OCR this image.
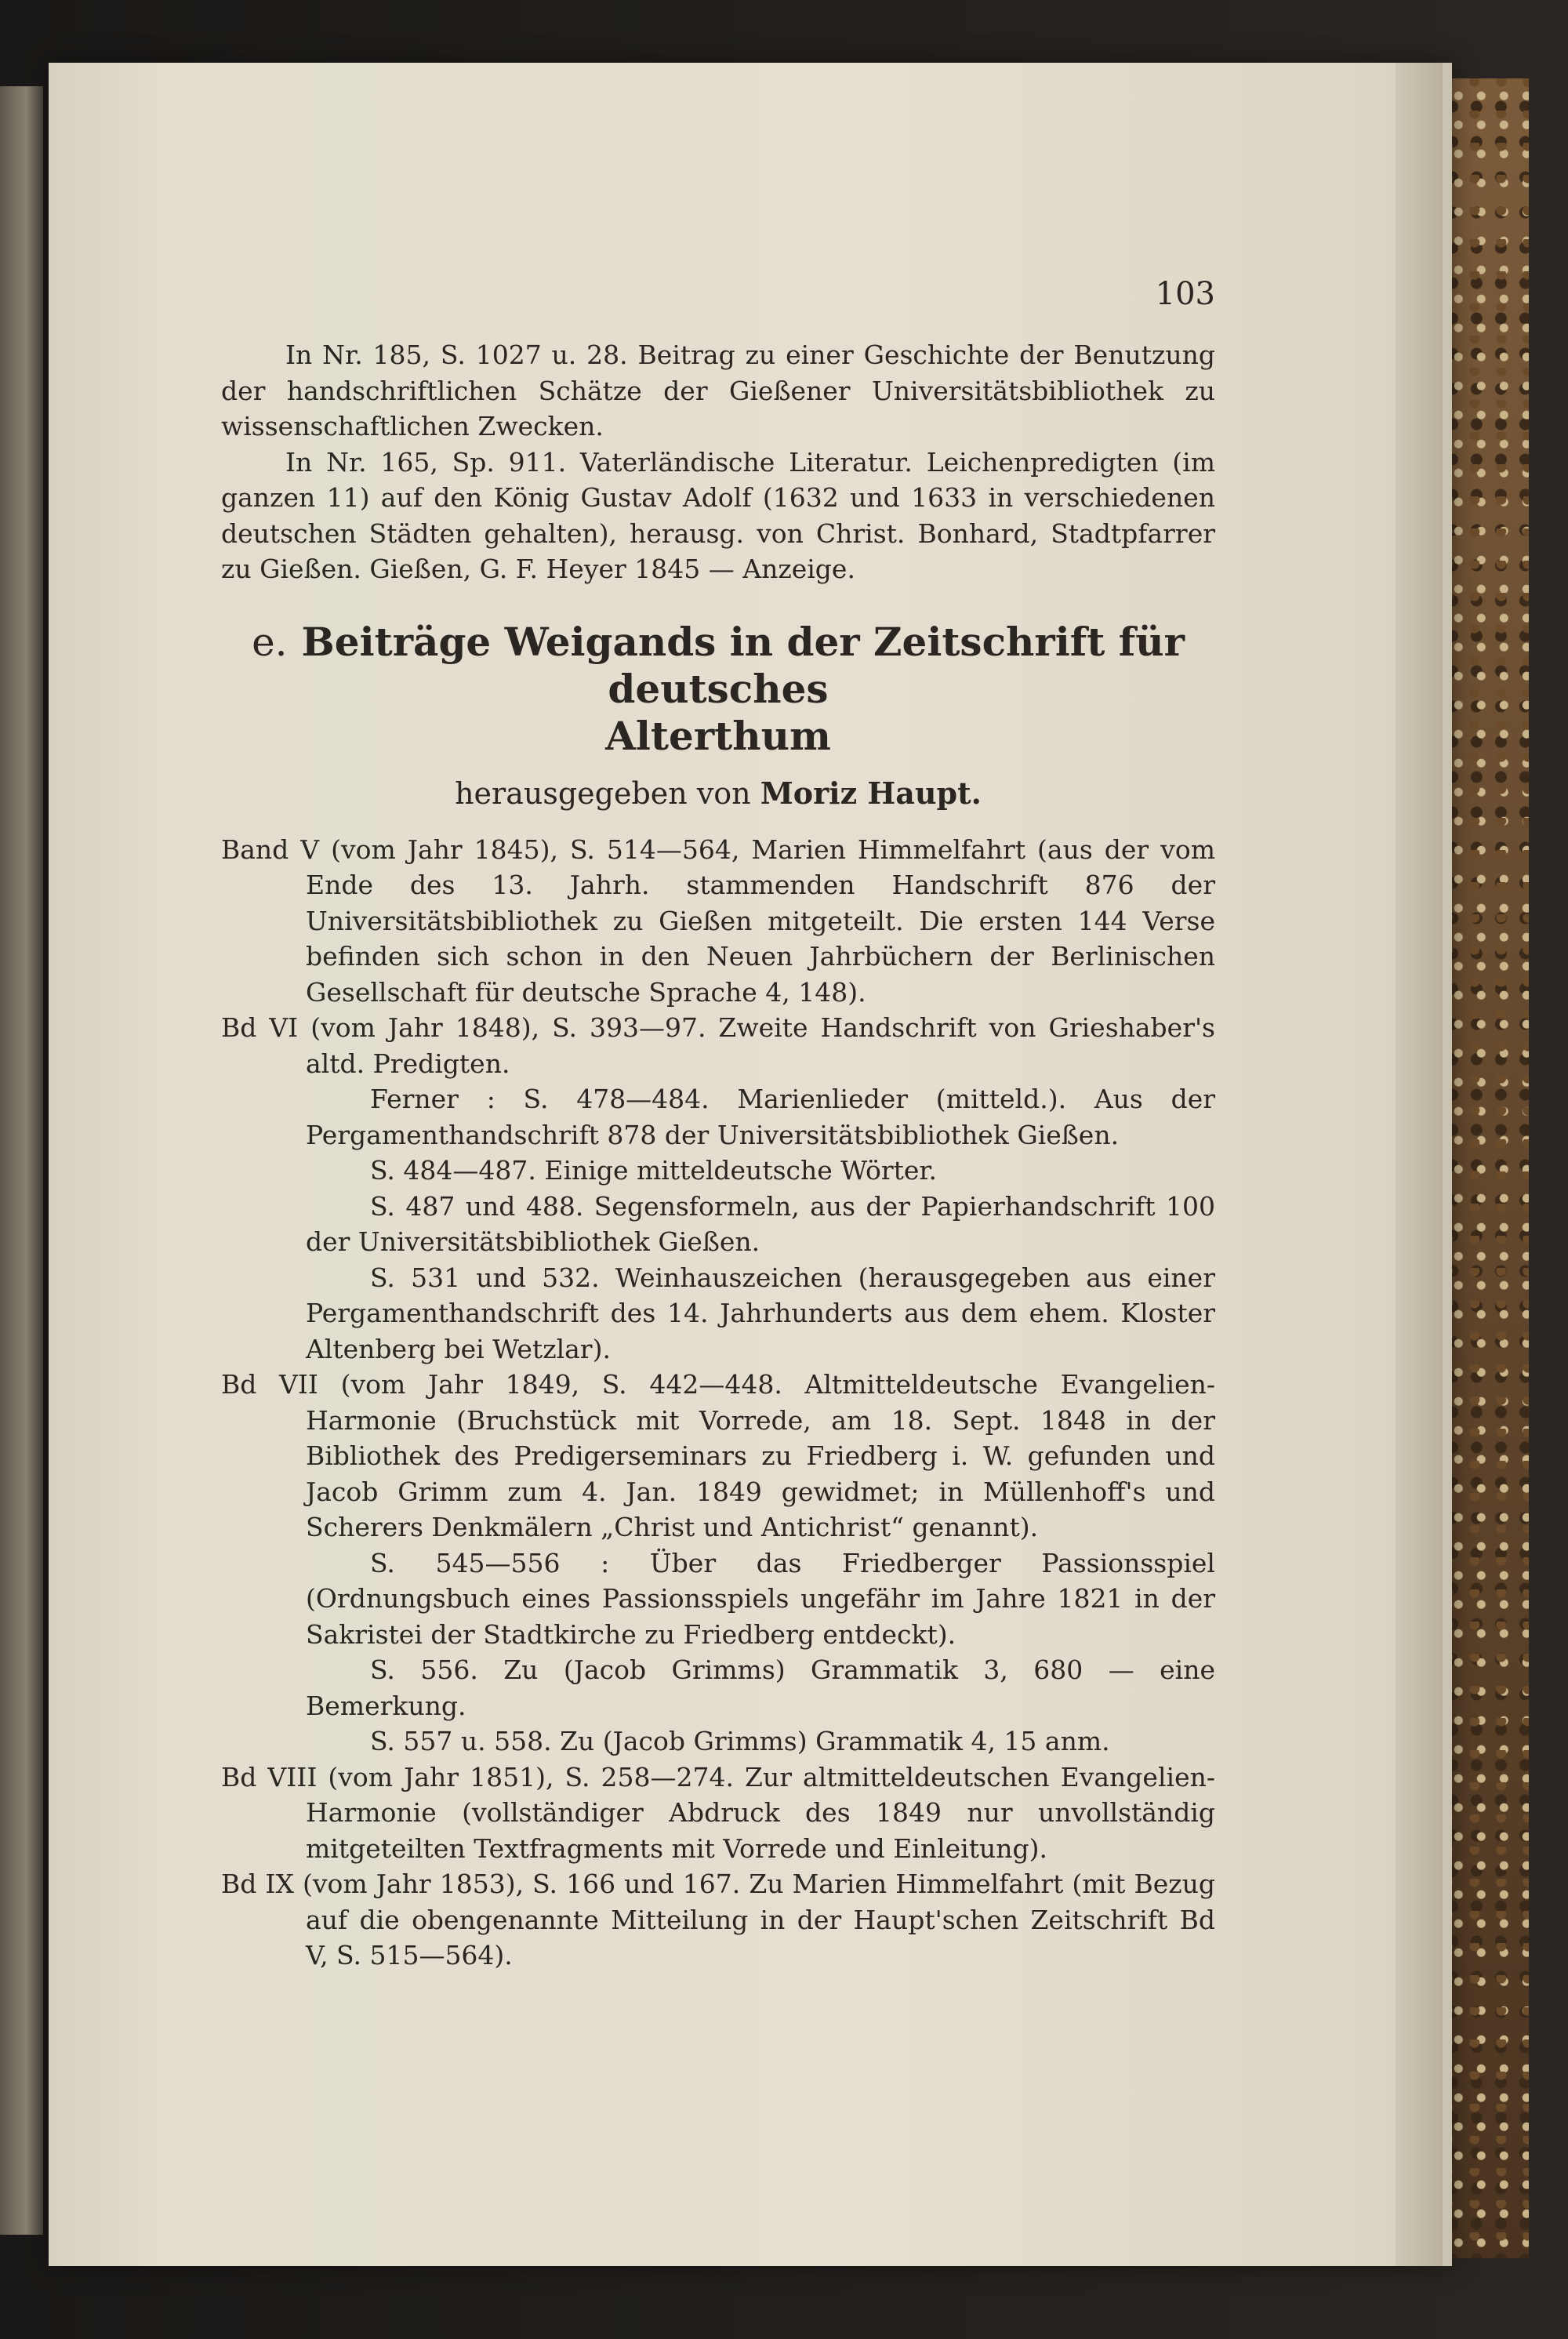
103

In Nr. 185, S. 1027 u. 28. Beitrag zu einer Geschichte der Benutzung der handschriftlichen Schätze der Gießener Universitätsbibliothek zu wissenschaftlichen Zwecken.

In Nr. 165, Sp. 911. Vaterländische Literatur. Leichenpredigten (im ganzen 11) auf den König Gustav Adolf (1632 und 1633 in verschiedenen deutschen Städten gehalten), herausg. von Christ. Bonhard, Stadtpfarrer zu Gießen. Gießen, G. F. Heyer 1845 — Anzeige.

e. Beiträge Weigands in der Zeitschrift für deutsches
Alterthum
herausgegeben von Moriz Haupt.

Band V (vom Jahr 1845), S. 514—564, Marien Himmelfahrt (aus der vom Ende des 13. Jahrh. stammenden Handschrift 876 der Universitätsbibliothek zu Gießen mitgeteilt. Die ersten 144 Verse befinden sich schon in den Neuen Jahrbüchern der Berlinischen Gesellschaft für deutsche Sprache 4, 148).

Bd VI (vom Jahr 1848), S. 393—97. Zweite Handschrift von Grieshaber's altd. Predigten.

Ferner : S. 478—484. Marienlieder (mitteld.). Aus der Pergamenthandschrift 878 der Universitätsbibliothek Gießen.

S. 484—487. Einige mitteldeutsche Wörter.

S. 487 und 488. Segensformeln, aus der Papierhandschrift 100 der Universitätsbibliothek Gießen.

S. 531 und 532. Weinhauszeichen (herausgegeben aus einer Pergamenthandschrift des 14. Jahrhunderts aus dem ehem. Kloster Altenberg bei Wetzlar).

Bd VII (vom Jahr 1849, S. 442—448. Altmitteldeutsche Evangelien-Harmonie (Bruchstück mit Vorrede, am 18. Sept. 1848 in der Bibliothek des Predigerseminars zu Friedberg i. W. gefunden und Jacob Grimm zum 4. Jan. 1849 gewidmet; in Müllenhoff's und Scherers Denkmälern „Christ und Antichrist“ genannt).

S. 545—556 : Über das Friedberger Passionsspiel (Ordnungsbuch eines Passionsspiels ungefähr im Jahre 1821 in der Sakristei der Stadtkirche zu Friedberg entdeckt).

S. 556. Zu (Jacob Grimms) Grammatik 3, 680 — eine Bemerkung.

S. 557 u. 558. Zu (Jacob Grimms) Grammatik 4, 15 anm.

Bd VIII (vom Jahr 1851), S. 258—274. Zur altmitteldeutschen Evangelien-Harmonie (vollständiger Abdruck des 1849 nur unvollständig mitgeteilten Textfragments mit Vorrede und Einleitung).

Bd IX (vom Jahr 1853), S. 166 und 167. Zu Marien Himmelfahrt (mit Bezug auf die obengenannte Mitteilung in der Haupt'schen Zeitschrift Bd V, S. 515—564).
